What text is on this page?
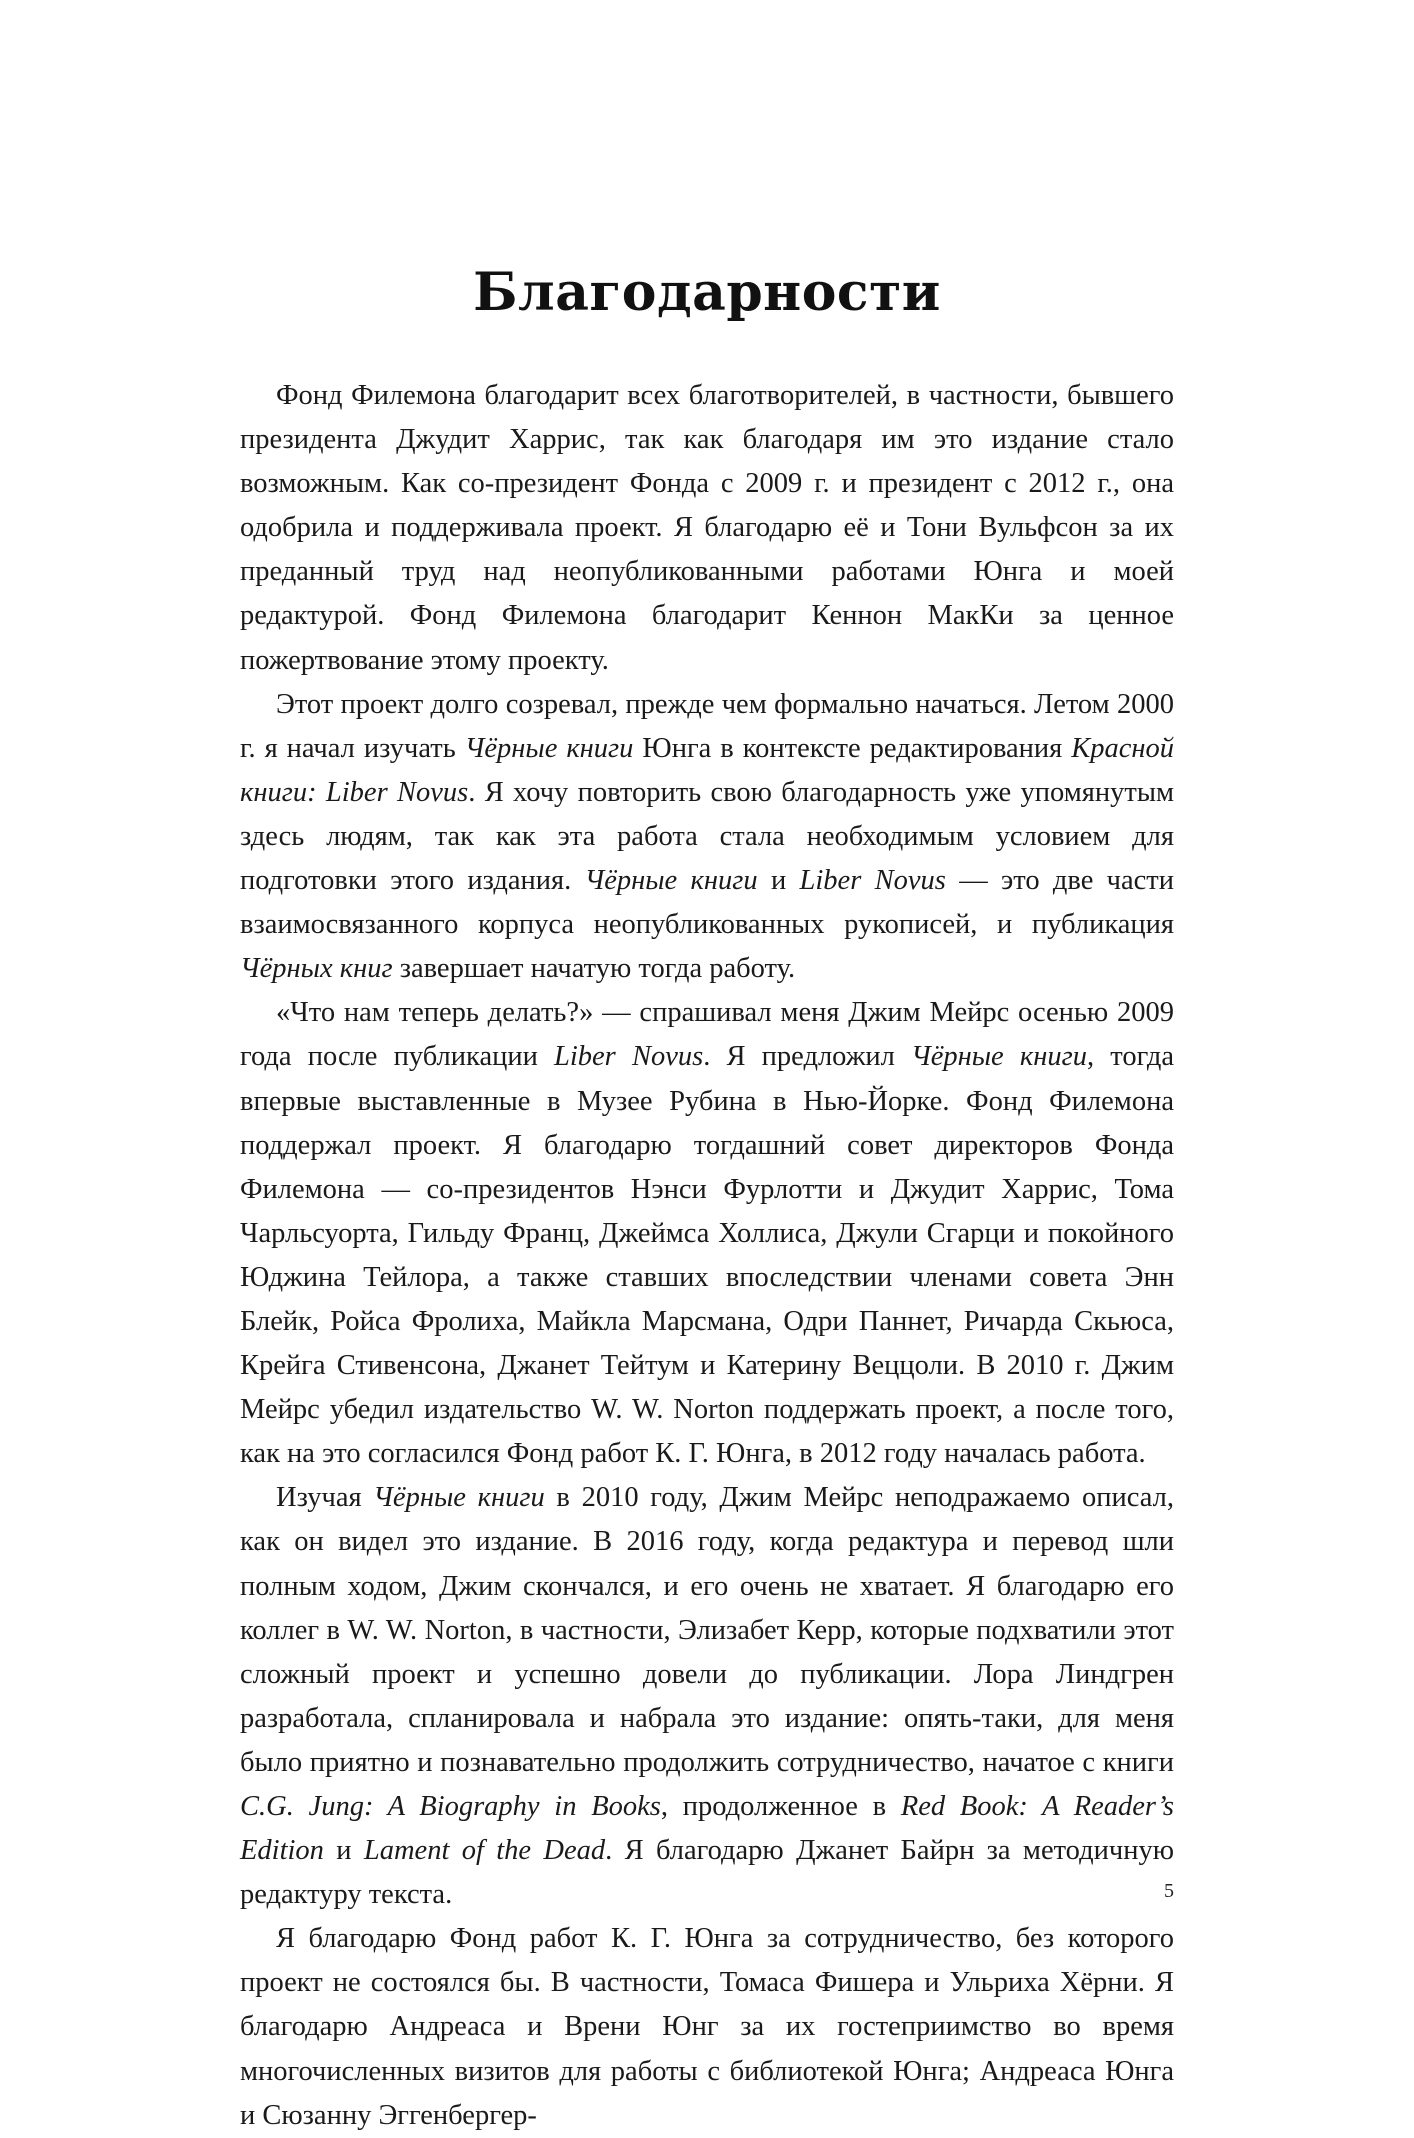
Благодарности

Фонд Филемона благодарит всех благотворителей, в частности, бывшего президента Джудит Харрис, так как благодаря им это издание стало возможным. Как со-президент Фонда с 2009 г. и президент с 2012 г., она одобрила и поддерживала проект. Я благодарю её и Тони Вульфсон за их преданный труд над неопубликованными работами Юнга и моей редактурой. Фонд Филемона благодарит Кеннон МакКи за ценное пожертвование этому проекту.

Этот проект долго созревал, прежде чем формально начаться. Летом 2000 г. я начал изучать Чёрные книги Юнга в контексте редактирования Красной книги: Liber Novus. Я хочу повторить свою благодарность уже упомянутым здесь людям, так как эта работа стала необходимым условием для подготовки этого издания. Чёрные книги и Liber Novus — это две части взаимосвязанного корпуса неопубликованных рукописей, и публикация Чёрных книг завершает начатую тогда работу.

«Что нам теперь делать?» — спрашивал меня Джим Мейрс осенью 2009 года после публикации Liber Novus. Я предложил Чёрные книги, тогда впервые выставленные в Музее Рубина в Нью-Йорке. Фонд Филемона поддержал проект. Я благодарю тогдашний совет директоров Фонда Филемона — со-президентов Нэнси Фурлотти и Джудит Харрис, Тома Чарльсуорта, Гильду Франц, Джеймса Холлиса, Джули Сгарци и покойного Юджина Тейлора, а также ставших впоследствии членами совета Энн Блейк, Ройса Фролиха, Майкла Марсмана, Одри Паннет, Ричарда Скьюса, Крейга Стивенсона, Джанет Тейтум и Катерину Веццоли. В 2010 г. Джим Мейрс убедил издательство W. W. Norton поддержать проект, а после того, как на это согласился Фонд работ К. Г. Юнга, в 2012 году началась работа.

Изучая Чёрные книги в 2010 году, Джим Мейрс неподражаемо описал, как он видел это издание. В 2016 году, когда редактура и перевод шли полным ходом, Джим скончался, и его очень не хватает. Я благодарю его коллег в W. W. Norton, в частности, Элизабет Керр, которые подхватили этот сложный проект и успешно довели до публикации. Лора Линдгрен разработала, спланировала и набрала это издание: опять-таки, для меня было приятно и познавательно продолжить сотрудничество, начатое с книги C.G. Jung: A Biography in Books, продолженное в Red Book: A Reader’s Edition и Lament of the Dead. Я благодарю Джанет Байрн за методичную редактуру текста.

Я благодарю Фонд работ К. Г. Юнга за сотрудничество, без которого проект не состоялся бы. В частности, Томаса Фишера и Ульриха Хёрни. Я благодарю Андреаса и Врени Юнг за их гостеприимство во время многочисленных визитов для работы с библиотекой Юнга; Андреаса Юнга и Сюзанну Эггенбергер-

5
